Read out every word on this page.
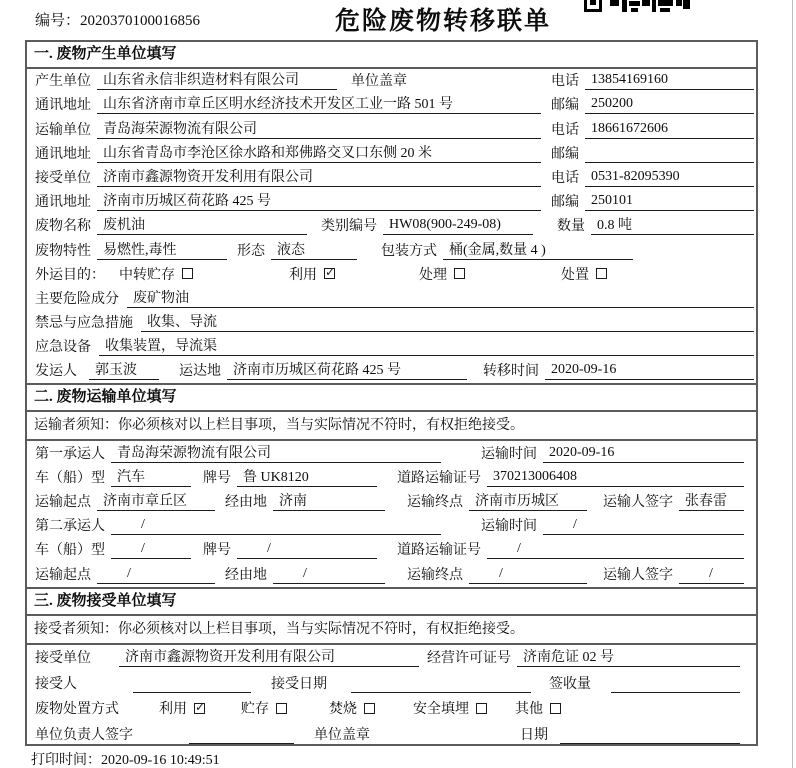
编号：2020370100016856	危险废物转移联单
一. 废物产生单位填写
产生单位 山东省永信非织造材料有限公司	单位盖章	电话 13854169160
通讯地址 山东省济南市章丘区明水经济技术开发区工业一路 501 号	邮编 250200
运输单位 青岛海荣源物流有限公司	电话 18661672606
通讯地址 山东省青岛市李沧区徐水路和郑佛路交叉口东侧 20 米	邮编
接受单位 济南市鑫源物资开发利用有限公司	电话 0531-82095390
通讯地址 济南市历城区荷花路 425 号	邮编 250101
废物名称 废机油	类别编号 HW08(900-249-08)	数量 0.8 吨
废物特性 易燃性,毒性	形态 液态	包装方式 桶(金属,数量 4 )
外运目的： 中转贮存	利用 ✓	处理	处置
主要危险成分	废矿物油
禁忌与应急措施	收集、导流
应急设备	收集装置，导流渠
发运人	郭玉波	运达地 济南市历城区荷花路 425 号	转移时间 2020-09-16
二. 废物运输单位填写
运输者须知：你必须核对以上栏目事项，当与实际情况不符时，有权拒绝接受。
第一承运人 青岛海荣源物流有限公司	运输时间 2020-09-16
车（船）型 汽车	牌号 鲁 UK8120	道路运输证号 370213006408
运输起点 济南市章丘区	经由地 济南	运输终点 济南市历城区	运输人签字 张春雷
第二承运人	/	运输时间	/
车（船）型	/	牌号	/	道路运输证号	/
运输起点	/	经由地	/	运输终点	/	运输人签字	/
三. 废物接受单位填写
接受者须知：你必须核对以上栏目事项，当与实际情况不符时，有权拒绝接受。
接受单位	济南市鑫源物资开发利用有限公司	经营许可证号 济南危证 02 号
接受人	接受日期	签收量
废物处置方式	利用 ✓	贮存	焚烧	安全填埋	其他
单位负责人签字	单位盖章	日期
打印时间：2020-09-16 10:49:51
